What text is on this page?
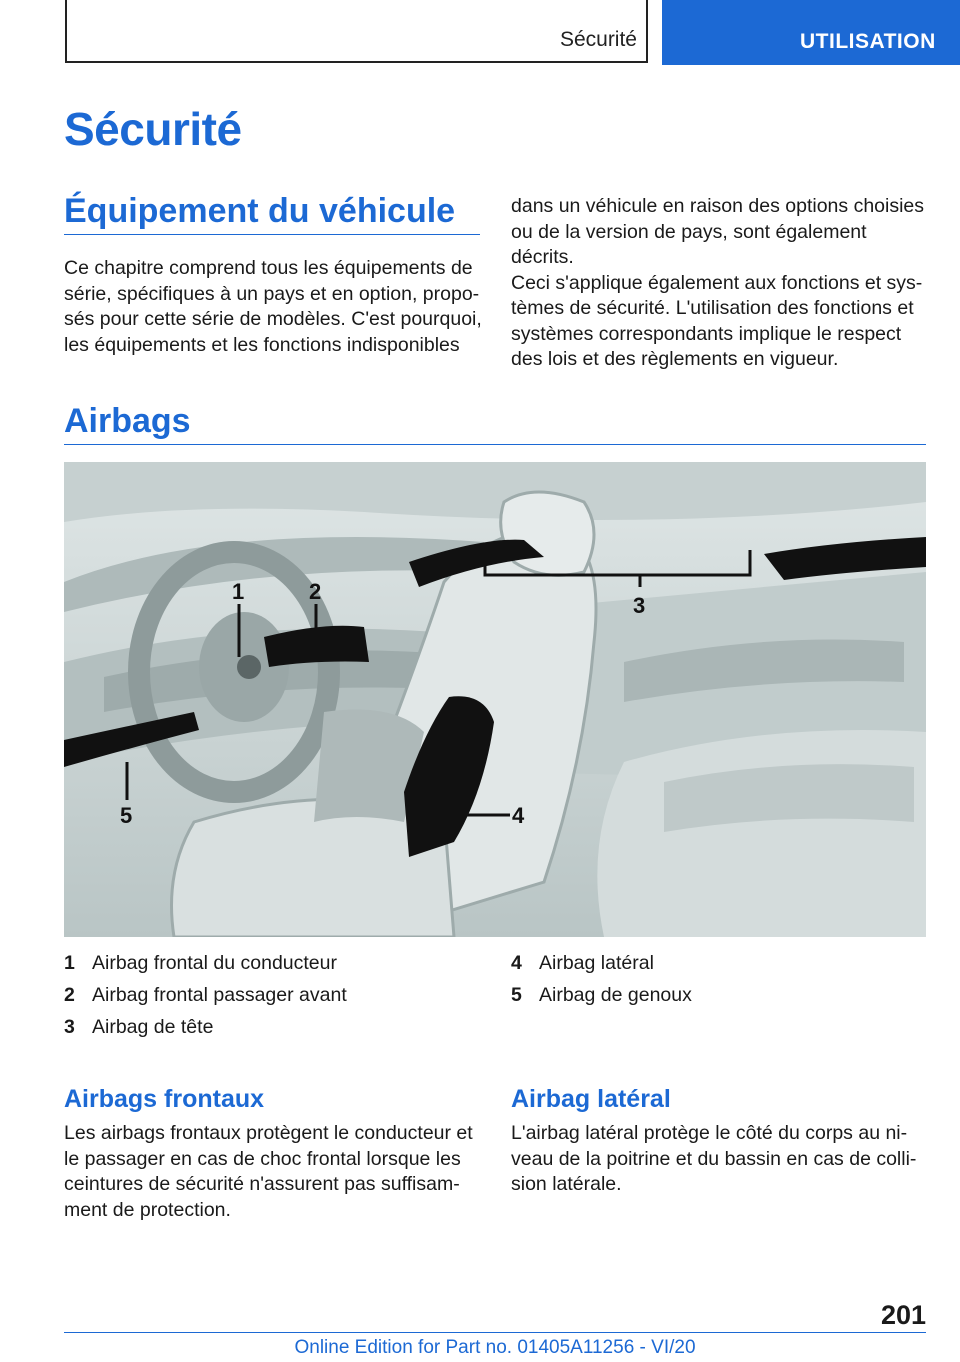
Sécurité	UTILISATION
Sécurité
Équipement du véhicule
Ce chapitre comprend tous les équipements de
série, spécifiques à un pays et en option, propo-
sés pour cette série de modèles. C'est pourquoi,
les équipements et les fonctions indisponibles
dans un véhicule en raison des options choisies
ou de la version de pays, sont également décrits.
Ceci s'applique également aux fonctions et sys-
tèmes de sécurité. L'utilisation des fonctions et
systèmes correspondants implique le respect
des lois et des règlements en vigueur.
Airbags
1	2
3
4
5
1 Airbag frontal du conducteur
2 Airbag frontal passager avant
3 Airbag de tête
4 Airbag latéral
5 Airbag de genoux
Airbags frontaux
Les airbags frontaux protègent le conducteur et
le passager en cas de choc frontal lorsque les
ceintures de sécurité n'assurent pas suffisam-
ment de protection.
Airbag latéral
L'airbag latéral protège le côté du corps au ni-
veau de la poitrine et du bassin en cas de colli-
sion latérale.
201
Online Edition for Part no. 01405A11256 - VI/20
